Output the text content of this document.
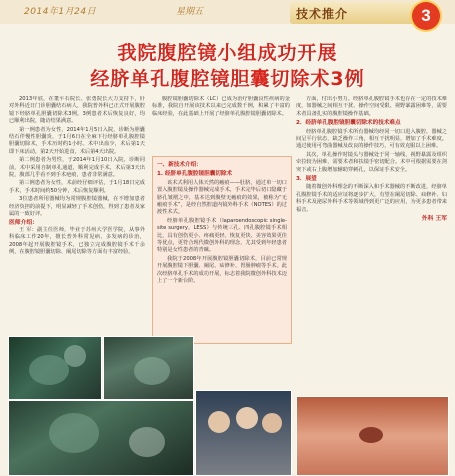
2014年1月24日	星期五	技术推介	3
我院腹腔镜小组成功开展
经脐单孔腹腔镜胆囊切除术3例

2013年底，在董平石院长、张勇院长大力支持下，针对外科近日门诊胆囊结石病人，我院普外科已正式开展腹腔镜下经脐单孔胆囊切除术3例。3例患者术后恢复良好，均已顺利出院，随访结果满意。

第一例患者为女性，2014年1月5日入院，诊断为胆囊结石伴慢性胆囊炎，于1月6日在全麻下行经脐单孔腹腔镜胆囊切除术，手术历时约1小时。术中出血少，术后第1天即下床活动，第2天开始进食，术后第4天出院。

第二例患者为男性，于2014年1月10日入院，诊断同前，术中采用自制单孔通道，顺利完成手术，术后第3天出院，腹部几乎看不到手术疤痕，患者非常满意。

第三例患者为女性，术前经仔细评估，于1月18日完成手术，手术时间约50分钟，术后恢复顺利。

3位患者所用器械均为常规腹腔镜器械，在不增加患者经济负担的前提下，明显减轻了手术创伤，得到了患者及家属的一致好评。

医师介绍：

王 军：副主任医师，毕业于苏州大学医学院，从事外科临床工作20年，擅长普外科常见病、多发病的诊治，2008年起开展腹腔镜手术，已独立完成腹腔镜手术千余例，在腹腔镜胆囊切除、阑尾切除等方面有丰富经验。

腹腔镜胆囊切除术（LC）已成为治疗胆囊良性疾病的金标准，我院自开展该技术以来已完成数千例，积累了丰富的临床经验，在此基础上开展了经脐单孔腹腔镜胆囊切除术。

一、新技术介绍：
1. 经脐单孔腹腔镜胆囊切除术

该术式利用人体天然的瘢痕——肚脐，通过单一切口置入腹腔镜及操作器械完成手术，手术完毕后切口隐藏于脐孔皱褶之中，基本达到腹壁无瘢痕的效果，被称为“无瘢痕手术”，是经自然腔道内镜外科手术（NOTES）的过渡性术式。

经脐单孔腹腔镜手术（laparoendoscopic single-site surgery，LESS）与传统三孔、四孔腹腔镜手术相比，具有创伤更小、疼痛更轻、恢复更快、美容效果更佳等优点，更符合现代微创外科的理念，尤其受到年轻患者特别是女性患者的青睐。

我院于2008年开展腹腔镜胆囊切除术，目前已常规开展腹腔镜下胆囊、阑尾、疝修补、胃肠肿瘤等手术。此次经脐单孔手术的成功开展，标志着我院微创外科技术迈上了一个新台阶。

方面，付出小努力。经脐单孔腹腔镜手术也存在一定的技术难度，如器械之间相互干扰、操作空间受限、视野暴露困难等，需要术者具备扎实的腹腔镜操作基础。

2．经脐单孔腹腔镜胆囊切除术的技术难点

经脐单孔腹腔镜手术所有器械均经同一切口进入腹腔，器械之间呈平行状态，缺乏操作三角，相互干扰明显，增加了手术难度。通过使用可弯曲器械及改良的操作技巧，可有效克服以上困难。

其次，单孔操作时镜头与器械处于同一轴线，视野暴露及组织牵拉较为困难，需要术者和扶镜手密切配合。术中可根据需要在剑突下或右上腹增加辅助穿刺孔，以保证手术安全。

3．展望

随着微创外科理念的不断深入和手术器械的不断改进，经脐单孔腹腔镜手术的适应证将逐步扩大，有望在阑尾切除、疝修补、妇科手术及泌尿外科手术等领域得到更广泛的应用，为更多患者带来福音。

外科 王军
